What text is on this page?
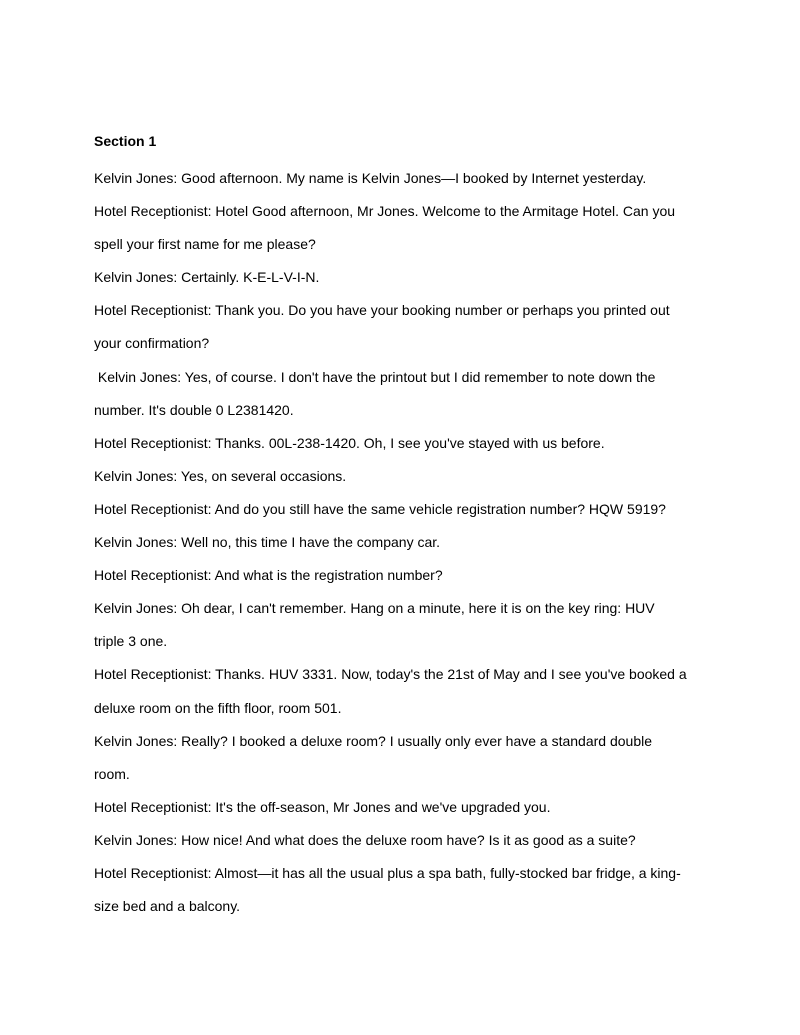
Section 1
Kelvin Jones: Good afternoon. My name is Kelvin Jones—I booked by Internet yesterday.
Hotel Receptionist: Hotel Good afternoon, Mr Jones. Welcome to the Armitage Hotel. Can you
spell your first name for me please?
Kelvin Jones: Certainly. K-E-L-V-I-N.
Hotel Receptionist: Thank you. Do you have your booking number or perhaps you printed out
your confirmation?
Kelvin Jones: Yes, of course. I don't have the printout but I did remember to note down the
number. It's double 0 L2381420.
Hotel Receptionist: Thanks. 00L-238-1420. Oh, I see you've stayed with us before.
Kelvin Jones: Yes, on several occasions.
Hotel Receptionist: And do you still have the same vehicle registration number? HQW 5919?
Kelvin Jones: Well no, this time I have the company car.
Hotel Receptionist: And what is the registration number?
Kelvin Jones: Oh dear, I can't remember. Hang on a minute, here it is on the key ring: HUV
triple 3 one.
Hotel Receptionist: Thanks. HUV 3331. Now, today's the 21st of May and I see you've booked a
deluxe room on the fifth floor, room 501.
Kelvin Jones: Really? I booked a deluxe room? I usually only ever have a standard double
room.
Hotel Receptionist: It's the off-season, Mr Jones and we've upgraded you.
Kelvin Jones: How nice! And what does the deluxe room have? Is it as good as a suite?
Hotel Receptionist: Almost—it has all the usual plus a spa bath, fully-stocked bar fridge, a king-
size bed and a balcony.
